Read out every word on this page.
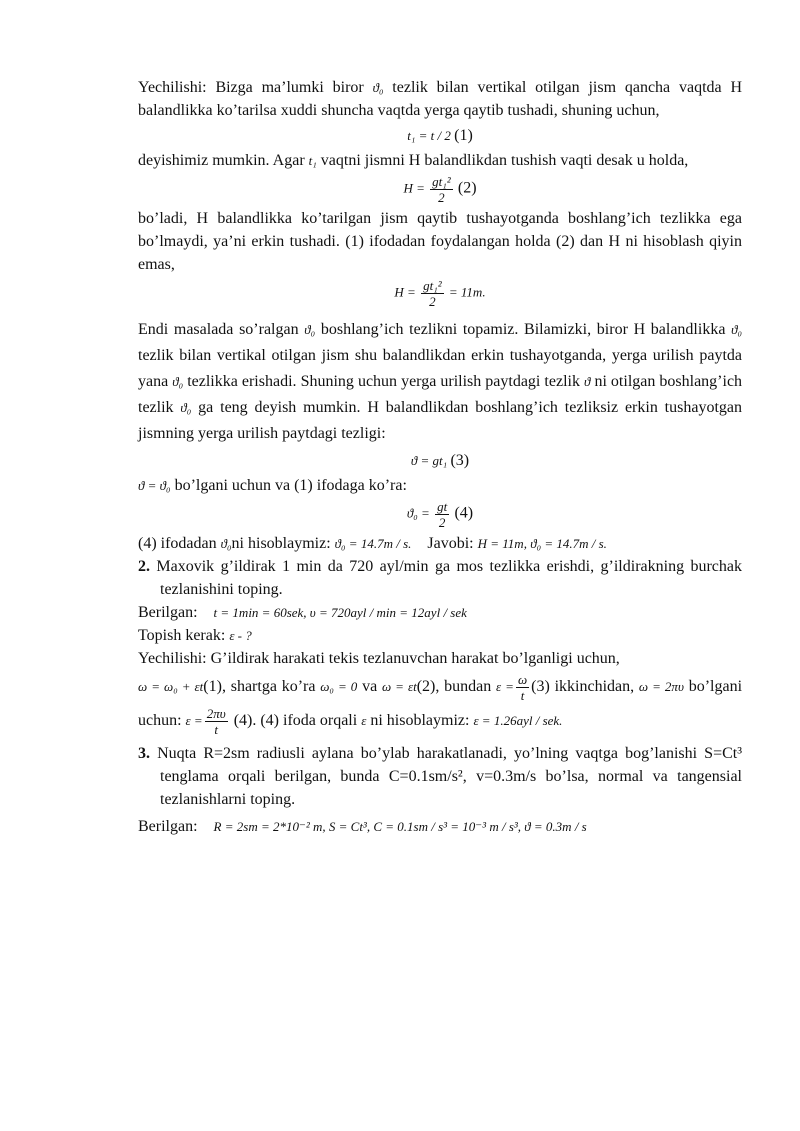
Yechilishi: Bizga ma’lumki biror ϑ₀ tezlik bilan vertikal otilgan jism qancha vaqtda H balandlikka ko’tarilsa xuddi shuncha vaqtda yerga qaytib tushadi, shuning uchun,

t₁ = t / 2 (1)

deyishimiz mumkin. Agar t₁ vaqtni jismni H balandlikdan tushish vaqti desak u holda,

$H = \frac{\text{gt₁²}}{2} (2)$

bo’ladi, H balandlikka ko’tarilgan jism qaytib tushayotganda boshlang’ich tezlikka ega bo’lmaydi, ya’ni erkin tushadi. (1) ifodadan foydalangan holda (2) dan H ni hisoblash qiyin emas,

$H = \frac{\text{gt₁²}}{2} = 11m$.

Endi masalada so’ralgan ϑ₀ boshlang’ich tezlikni topamiz. Bilamizki, biror H balandlikka ϑ₀ tezlik bilan vertikal otilgan jism shu balandlikdan erkin tushayotganda, yerga urilish paytda yana ϑ₀ tezlikka erishadi. Shuning uchun yerga urilish paytdagi tezlik ϑ ni otilgan boshlang’ich tezlik ϑ₀ ga teng deyish mumkin. H balandlikdan boshlang’ich tezliksiz erkin tushayotgan jismning yerga urilish paytdagi tezligi:

ϑ = gt₁ (3)

ϑ = ϑ₀ bo’lgani uchun va (1) ifodaga ko’ra:

$ϑ_0 = \frac{gt}{2} (4)$

(4) ifodadan ϑ₀ni hisoblaymiz: ϑ₀ = 14.7m / s. Javobi: H = 11m, ϑ₀ = 14.7m / s.

2. Maxovik g’ildirak 1 min da 720 ayl/min ga mos tezlikka erishdi, g’ildirakning burchak tezlanishini toping.

Berilgan: t = 1min = 60sek, υ = 720ayl / min = 12ayl / sek

Topish kerak: ε - ?

Yechilishi: G’ildirak harakati tekis tezlanuvchan harakat bo’lganligi uchun,

ω = ω₀ + εt(1), shartga ko’ra ω₀ = 0 va ω = εt(2), bundan $\varepsilon = \frac{\omega}{t} (3)$ ikkinchidan, ω = 2πυ bo’lgani uchun: $\varepsilon = \frac{2\pi\upsilon}{t} (4)$. (4) ifoda orqali ε ni hisoblaymiz: ε = 1.26ayl / sek.

3. Nuqta R=2sm radiusli aylana bo’ylab harakatlanadi, yo’lning vaqtga bog’lanishi S=Ct³ tenglama orqali berilgan, bunda C=0.1sm/s², v=0.3m/s bo’lsa, normal va tangensial tezlanishlarni toping.

Berilgan: R = 2sm = 2*10⁻² m, S = Ct³, C = 0.1sm / s³ = 10⁻³ m / s³, ϑ = 0.3m / s
